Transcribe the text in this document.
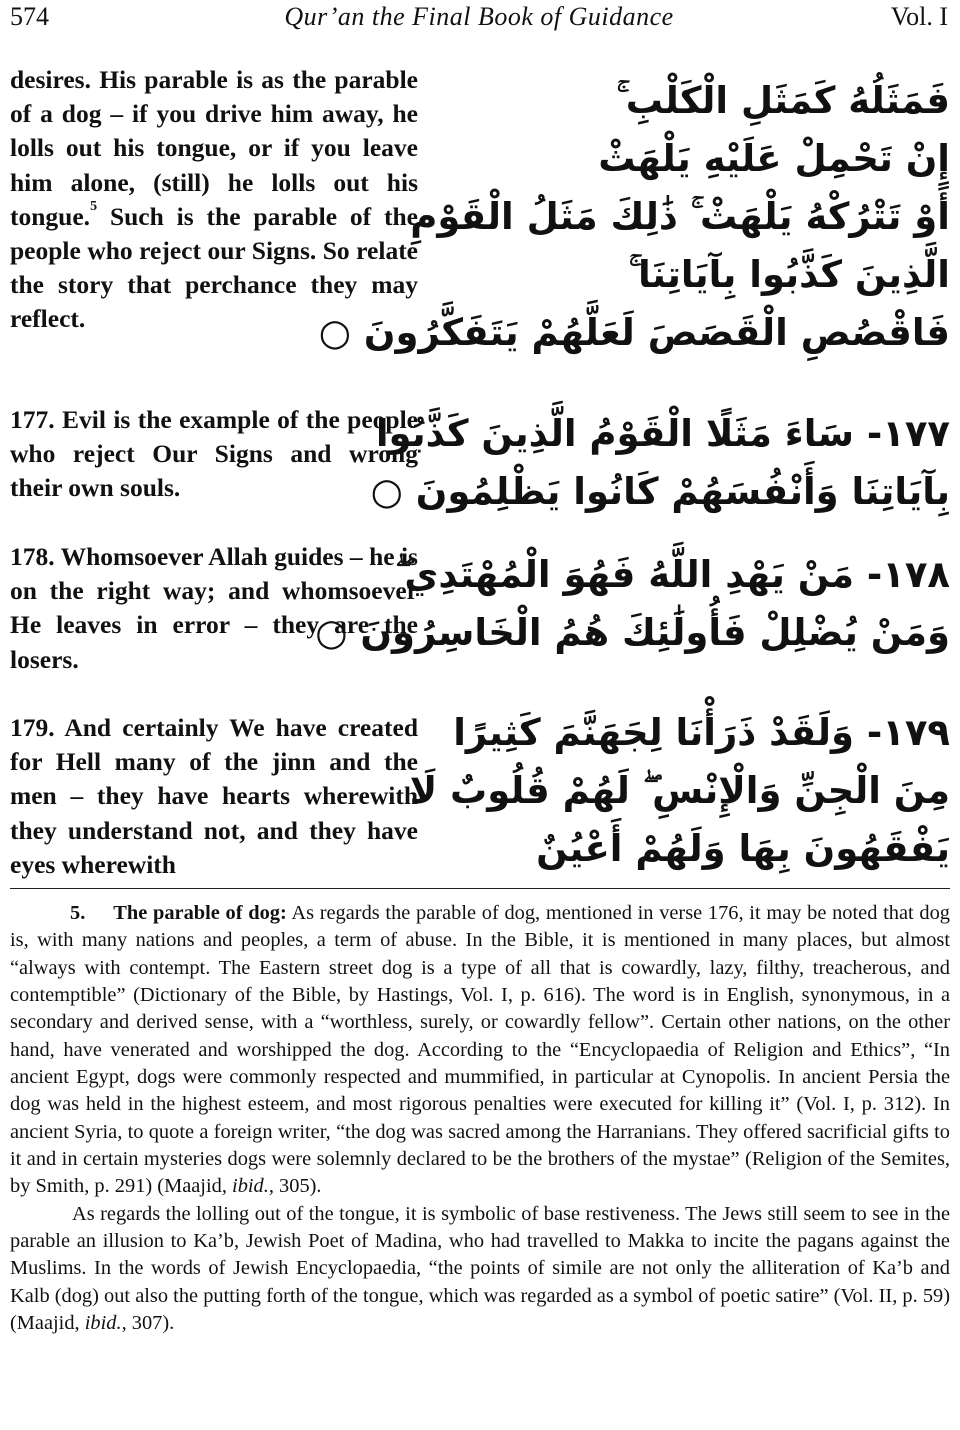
Qur’an the Final Book of Guidance
574	Vol. I

desires. His parable is as the parable of a dog – if you drive him away, he lolls out his tongue, or if you leave him alone, (still) he lolls out his tongue.$^5$ Such is the parable of the people who reject our Signs. So relate the story that perchance they may reflect.

فَمَثَلُهُ كَمَثَلِ الْكَلْبِ ۚ
إِنْ تَحْمِلْ عَلَيْهِ يَلْهَثْ
أَوْ تَتْرُكْهُ يَلْهَثْ ۚ ذَٰلِكَ مَثَلُ الْقَوْمِ
الَّذِينَ كَذَّبُوا بِآيَاتِنَا ۚ
فَاقْصُصِ الْقَصَصَ لَعَلَّهُمْ يَتَفَكَّرُونَ ○

177. Evil is the example of the people who reject Our Signs and wrong their own souls.

١٧٧- سَاءَ مَثَلًا الْقَوْمُ الَّذِينَ كَذَّبُوا
بِآيَاتِنَا وَأَنْفُسَهُمْ كَانُوا يَظْلِمُونَ ○

178. Whomsoever Allah guides – he is on the right way; and whomsoever He leaves in error – they are the losers.

١٧٨- مَنْ يَهْدِ اللَّهُ فَهُوَ الْمُهْتَدِي ۖ
وَمَنْ يُضْلِلْ فَأُولَٰئِكَ هُمُ الْخَاسِرُونَ ○

179. And certainly We have created for Hell many of the jinn and the men – they have hearts wherewith they understand not, and they have eyes wherewith

١٧٩- وَلَقَدْ ذَرَأْنَا لِجَهَنَّمَ كَثِيرًا
مِنَ الْجِنِّ وَالْإِنْسِ ۖ لَهُمْ قُلُوبٌ لَا
يَفْقَهُونَ بِهَا وَلَهُمْ أَعْيُنٌ

5. The parable of dog: As regards the parable of dog, mentioned in verse 176, it may be noted that dog is, with many nations and peoples, a term of abuse. In the Bible, it is mentioned in many places, but almost “always with contempt. The Eastern street dog is a type of all that is cowardly, lazy, filthy, treacherous, and contemptible” (Dictionary of the Bible, by Hastings, Vol. I, p. 616). The word is in English, synonymous, in a secondary and derived sense, with a “worthless, surely, or cowardly fellow”. Certain other nations, on the other hand, have venerated and worshipped the dog. According to the “Encyclopaedia of Religion and Ethics”, “In ancient Egypt, dogs were commonly respected and mummified, in particular at Cynopolis. In ancient Persia the dog was held in the highest esteem, and most rigorous penalties were executed for killing it” (Vol. I, p. 312). In ancient Syria, to quote a foreign writer, “the dog was sacred among the Harranians. They offered sacrificial gifts to it and in certain mysteries dogs were solemnly declared to be the brothers of the mystae” (Religion of the Semites, by Smith, p. 291) (Maajid, ibid., 305).

As regards the lolling out of the tongue, it is symbolic of base restiveness. The Jews still seem to see in the parable an illusion to Ka’b, Jewish Poet of Madina, who had travelled to Makka to incite the pagans against the Muslims. In the words of Jewish Encyclopaedia, “the points of simile are not only the alliteration of Ka’b and Kalb (dog) out also the putting forth of the tongue, which was regarded as a symbol of poetic satire” (Vol. II, p. 59) (Maajid, ibid., 307).
